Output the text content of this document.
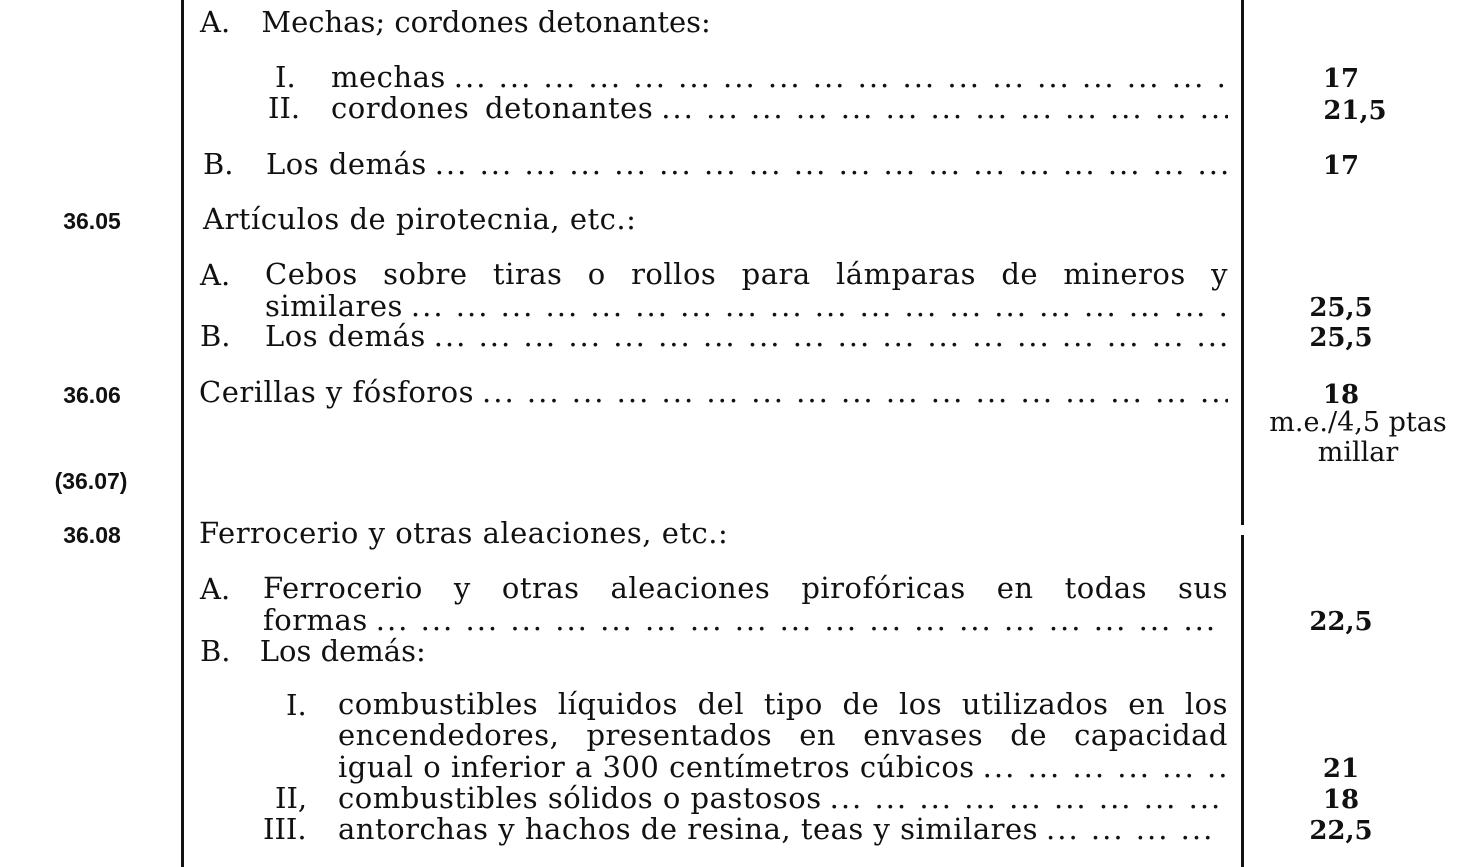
A. Mechas; cordones detonantes:
I.	mechas ... .	17
II.	cordones detonantes ... .	21,5
B.	Los demás ... .	17
36.05	Artículos de pirotecnia, etc.:
A. Cebos sobre tiras o rollos para lámparas de mineros y
similares ... .	25,5
B.	Los demás ... .	25,5
36.06	Cerillas y fósforos ... .	18
m.e./4,5 ptas
millar
(36.07)
36.08	Ferrocerio y otras aleaciones, etc.:
A. Ferrocerio y otras aleaciones pirofóricas en todas sus
formas ... .	22,5
B. Los demás:
I. combustibles líquidos del tipo de los utilizados en los
encendedores, presentados en envases de capacidad
igual o inferior a 300 centímetros cúbicos ... .	21
II,	combustibles sólidos o pastosos ... .	18
III.	antorchas y hachos de resina, teas y similares ... .	22,5
